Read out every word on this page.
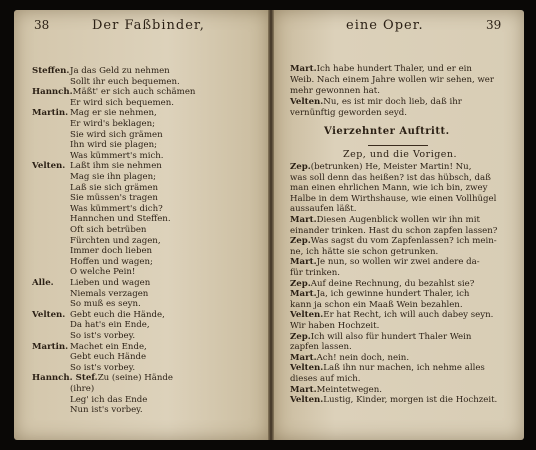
38	Der Faßbinder,	eine Oper.	39
Vierzehnter Auftritt.
Zep, und die Vorigen.
Steffen.Ja das Geld zu nehmen
Sollt ihr euch bequemen.
Hannch.Mäßt' er sich auch schämen
Er wird sich bequemen.
Martin.Mag er sie nehmen,
Er wird's beklagen;
Sie wird sich grämen
Ihn wird sie plagen;
Was kümmert's mich.
Velten.Laßt ihm sie nehmen
Mag sie ihn plagen;
Laß sie sich grämen
Sie müssen's tragen
Was kümmert's dich?
Hannchen und Steffen.
Oft sich betrüben
Fürchten und zagen,
Immer doch lieben
Hoffen und wagen;
O welche Pein!
Alle.Lieben und wagen
Niemals verzagen
So muß es seyn.
Velten.Gebt euch die Hände,
Da hat's ein Ende,
So ist's vorbey.
Martin.Machet ein Ende,
Gebt euch Hände
So ist's vorbey.
Hannch. Stef.Zu (seine) Hände
(ihre)
Leg' ich das Ende
Nun ist's vorbey.
Mart.Ich habe hundert Thaler, und er ein
Weib. Nach einem Jahre wollen wir sehen, wer
mehr gewonnen hat.
Velten.Nu, es ist mir doch lieb, daß ihr
vernünftig geworden seyd.
Zep.(betrunken) He, Meister Martin! Nu,
was soll denn das heißen? ist das hübsch, daß
man einen ehrlichen Mann, wie ich bin, zwey
Halbe in dem Wirthshause, wie einen Vollhügel
aussaufen läßt.
Mart.Diesen Augenblick wollen wir ihn mit
einander trinken. Hast du schon zapfen lassen?
Zep.Was sagst du vom Zapfenlassen? ich mein-
ne, ich hätte sie schon getrunken.
Mart.Je nun, so wollen wir zwei andere da-
für trinken.
Zep.Auf deine Rechnung, du bezahlst sie?
Mart.Ja, ich gewinne hundert Thaler, ich
kann ja schon ein Maaß Wein bezahlen.
Velten.Er hat Recht, ich will auch dabey seyn.
Wir haben Hochzeit.
Zep.Ich will also für hundert Thaler Wein
zapfen lassen.
Mart.Ach! nein doch, nein.
Velten.Laß ihn nur machen, ich nehme alles
dieses auf mich.
Mart.Meintetwegen.
Velten.Lustig, Kinder, morgen ist die Hochzeit.
